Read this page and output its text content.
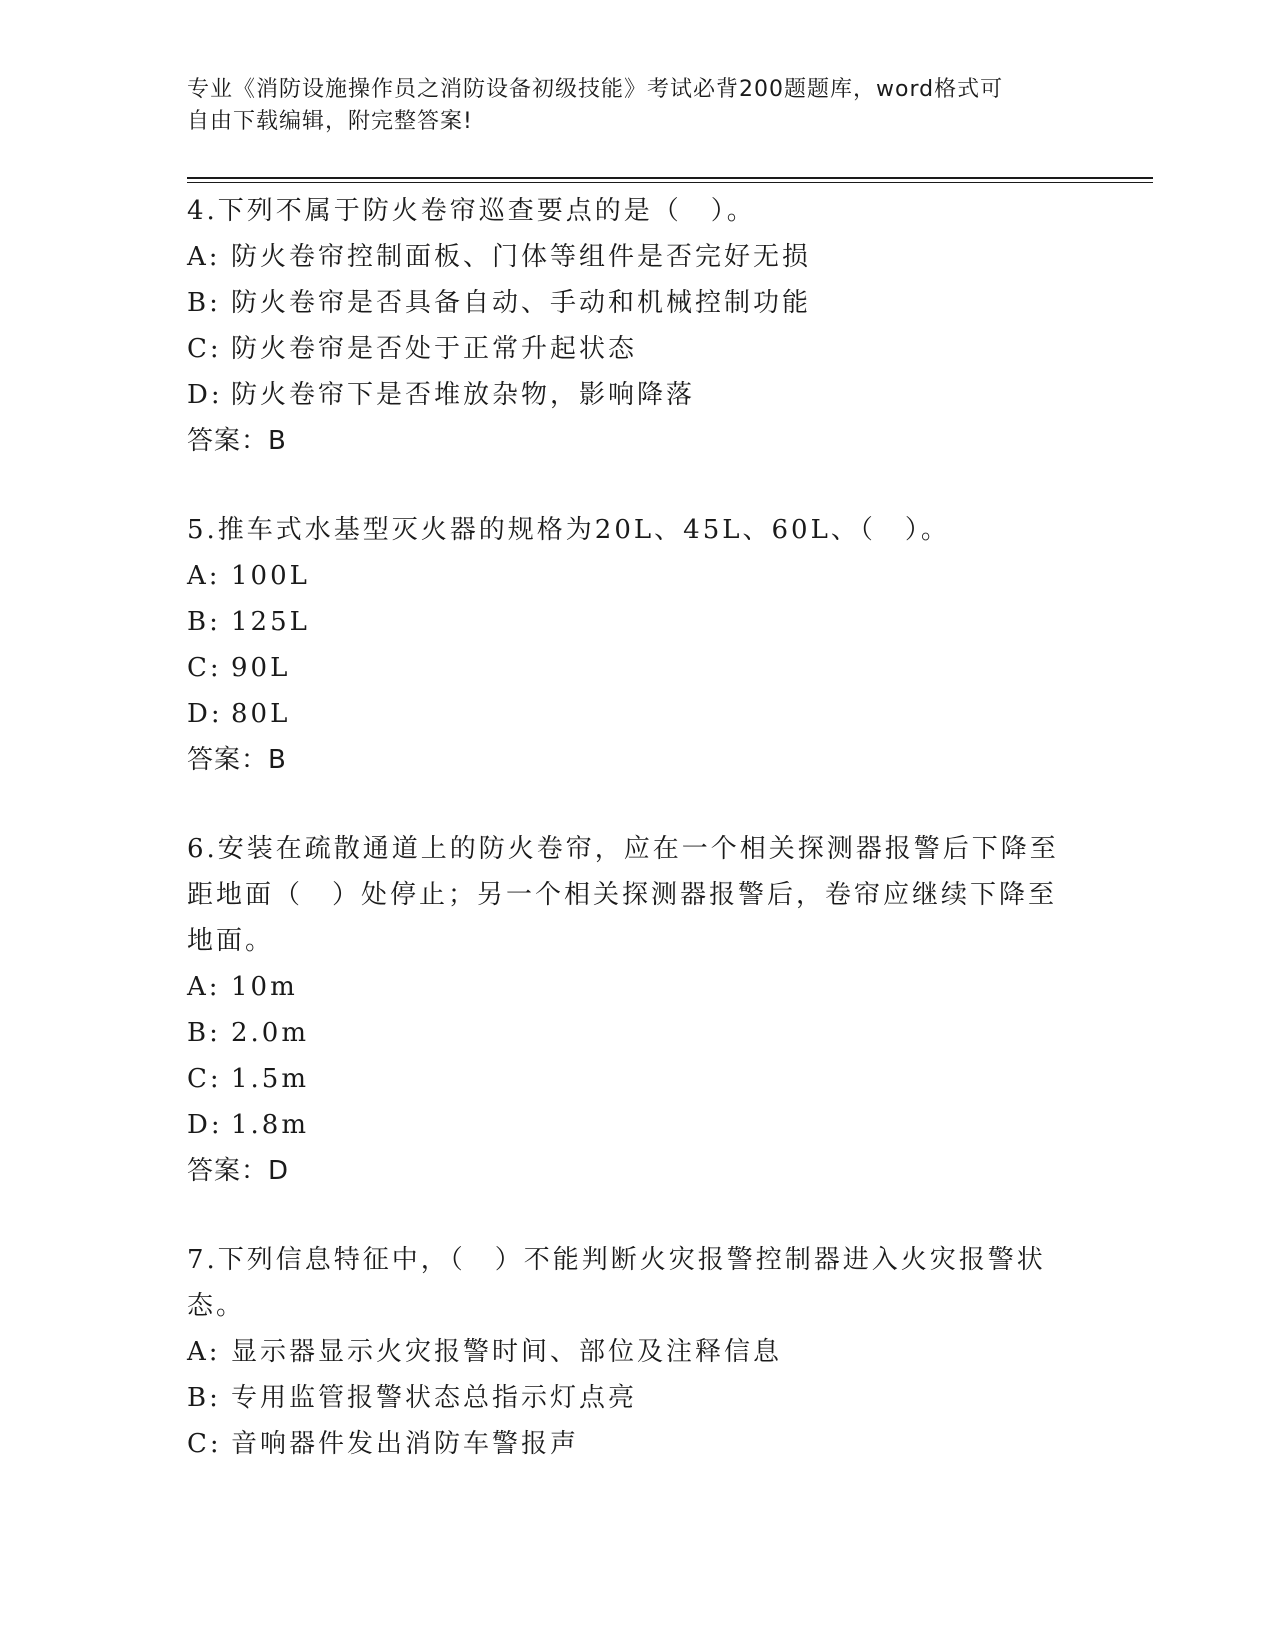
专业《消防设施操作员之消防设备初级技能》考试必背200题题库，word格式可
自由下载编辑，附完整答案!
4.下列不属于防火卷帘巡查要点的是（　）。
A: 防火卷帘控制面板、门体等组件是否完好无损
B: 防火卷帘是否具备自动、手动和机械控制功能
C: 防火卷帘是否处于正常升起状态
D: 防火卷帘下是否堆放杂物，影响降落
答案：B
5.推车式水基型灭火器的规格为20L、45L、60L、（　）。
A: 100L
B: 125L
C: 90L
D: 80L
答案：B
6.安装在疏散通道上的防火卷帘，应在一个相关探测器报警后下降至
距地面（　）处停止；另一个相关探测器报警后，卷帘应继续下降至
地面。
A: 10m
B: 2.0m
C: 1.5m
D: 1.8m
答案：D
7.下列信息特征中，（　）不能判断火灾报警控制器进入火灾报警状
态。
A: 显示器显示火灾报警时间、部位及注释信息
B: 专用监管报警状态总指示灯点亮
C: 音响器件发出消防车警报声
